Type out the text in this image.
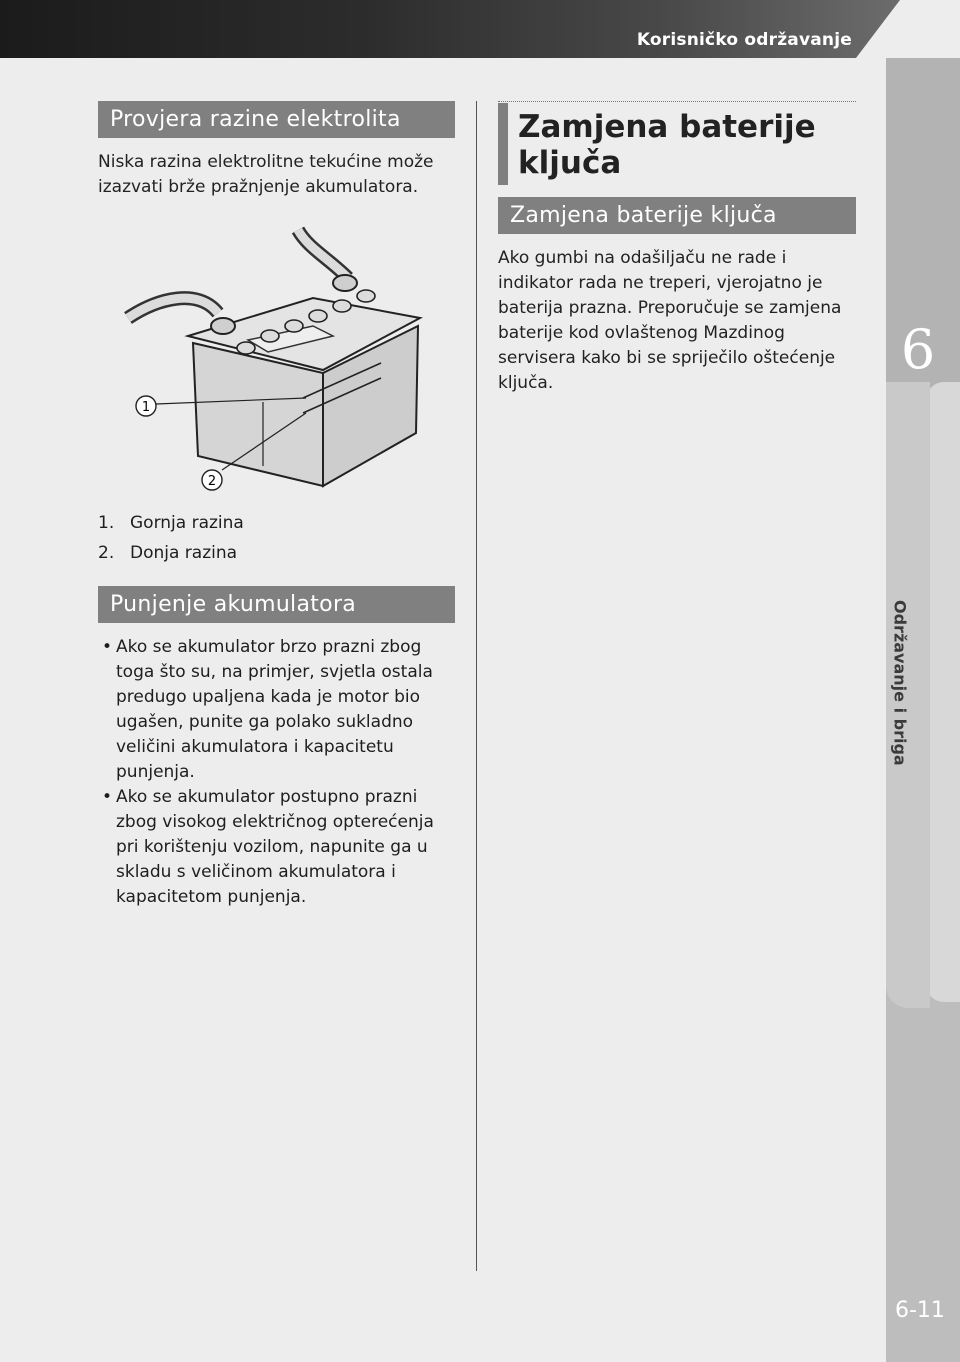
Korisničko održavanje
6
Održavanje i briga
6-11
Provjera razine elektrolita
Niska razina elektrolitne tekućine može izazvati brže pražnjenje akumulatora.
1
2
1. Gornja razina
2. Donja razina
Punjenje akumulatora
• Ako se akumulator brzo prazni zbog toga što su, na primjer, svjetla ostala predugo upaljena kada je motor bio ugašen, punite ga polako sukladno veličini akumulatora i kapacitetu punjenja.
• Ako se akumulator postupno prazni zbog visokog električnog opterećenja pri korištenju vozilom, napunite ga u skladu s veličinom akumulatora i kapacitetom punjenja.
Zamjena baterije ključa
Zamjena baterije ključa
Ako gumbi na odašiljaču ne rade i indikator rada ne treperi, vjerojatno je baterija prazna. Preporučuje se zamjena baterije kod ovlaštenog Mazdinog servisera kako bi se spriječilo oštećenje ključa.
